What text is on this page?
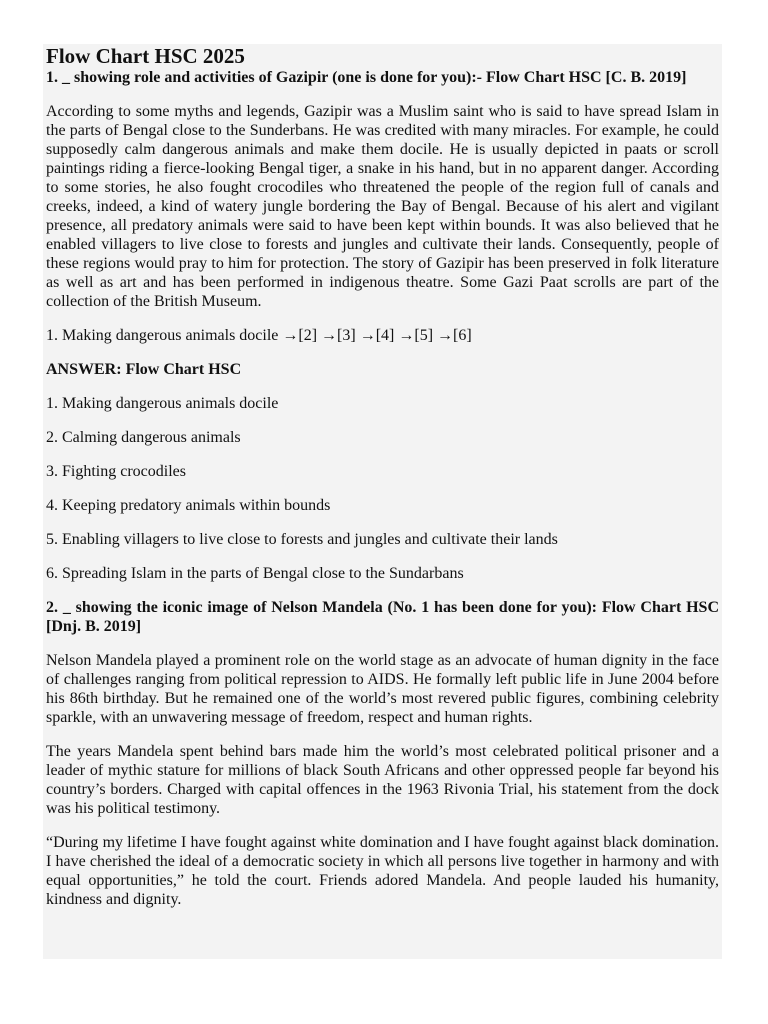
Flow Chart HSC 2025

1. _ showing role and activities of Gazipir (one is done for you):- Flow Chart HSC [C. B. 2019]

According to some myths and legends, Gazipir was a Muslim saint who is said to have spread Islam in the parts of Bengal close to the Sunderbans. He was credited with many miracles. For example, he could supposedly calm dangerous animals and make them docile. He is usually depicted in paats or scroll paintings riding a fierce-looking Bengal tiger, a snake in his hand, but in no apparent danger. According to some stories, he also fought crocodiles who threatened the people of the region full of canals and creeks, indeed, a kind of watery jungle bordering the Bay of Bengal. Because of his alert and vigilant presence, all predatory animals were said to have been kept within bounds. It was also believed that he enabled villagers to live close to forests and jungles and cultivate their lands. Consequently, people of these regions would pray to him for protection. The story of Gazipir has been preserved in folk literature as well as art and has been performed in indigenous theatre. Some Gazi Paat scrolls are part of the collection of the British Museum.

1. Making dangerous animals docile →[2] →[3] →[4] →[5] →[6]

ANSWER: Flow Chart HSC

1. Making dangerous animals docile

2. Calming dangerous animals

3. Fighting crocodiles

4. Keeping predatory animals within bounds

5. Enabling villagers to live close to forests and jungles and cultivate their lands

6. Spreading Islam in the parts of Bengal close to the Sundarbans

2. _ showing the iconic image of Nelson Mandela (No. 1 has been done for you): Flow Chart HSC [Dnj. B. 2019]

Nelson Mandela played a prominent role on the world stage as an advocate of human dignity in the face of challenges ranging from political repression to AIDS. He formally left public life in June 2004 before his 86th birthday. But he remained one of the world’s most revered public figures, combining celebrity sparkle, with an unwavering message of freedom, respect and human rights.

The years Mandela spent behind bars made him the world’s most celebrated political prisoner and a leader of mythic stature for millions of black South Africans and other oppressed people far beyond his country’s borders. Charged with capital offences in the 1963 Rivonia Trial, his statement from the dock was his political testimony.

“During my lifetime I have fought against white domination and I have fought against black domination. I have cherished the ideal of a democratic society in which all persons live together in harmony and with equal opportunities,” he told the court. Friends adored Mandela. And people lauded his humanity, kindness and dignity.
